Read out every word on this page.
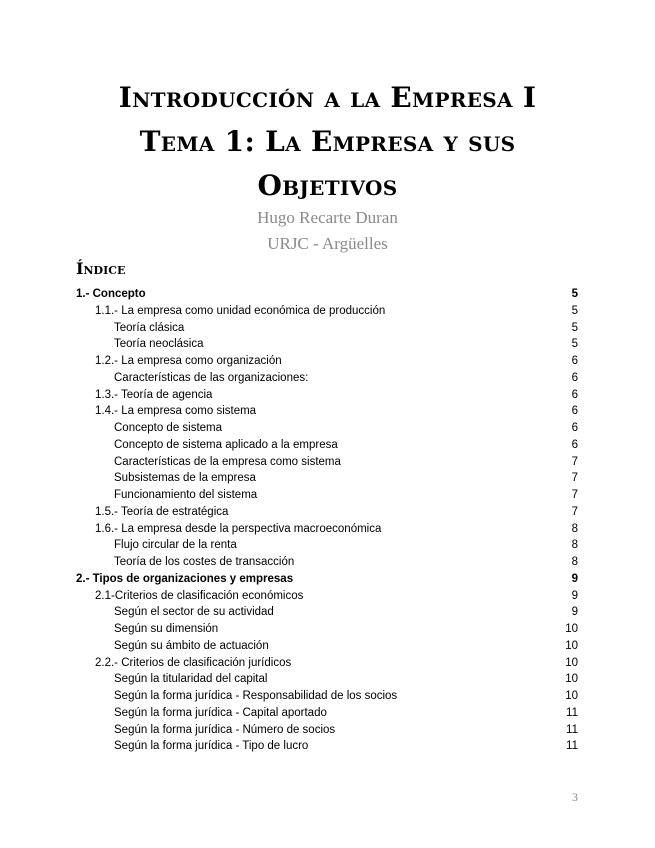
Introducción a la Empresa I
Tema 1: La Empresa y sus
Objetivos
Hugo Recarte Duran
URJC - Argüelles
Índice
1.- Concepto	5
1.1.- La empresa como unidad económica de producción	5
Teoría clásica	5
Teoría neoclásica	5
1.2.- La empresa como organización	6
Características de las organizaciones:	6
1.3.- Teoría de agencia	6
1.4.- La empresa como sistema	6
Concepto de sistema	6
Concepto de sistema aplicado a la empresa	6
Características de la empresa como sistema	7
Subsistemas de la empresa	7
Funcionamiento del sistema	7
1.5.- Teoría de estratégica	7
1.6.- La empresa desde la perspectiva macroeconómica	8
Flujo circular de la renta	8
Teoría de los costes de transacción	8
2.- Tipos de organizaciones y empresas	9
2.1-Criterios de clasificación económicos	9
Según el sector de su actividad	9
Según su dimensión	10
Según su ámbito de actuación	10
2.2.- Criterios de clasificación jurídicos	10
Según la titularidad del capital	10
Según la forma jurídica - Responsabilidad de los socios	10
Según la forma jurídica - Capital aportado	11
Según la forma jurídica - Número de socios	11
Según la forma jurídica - Tipo de lucro	11
3
